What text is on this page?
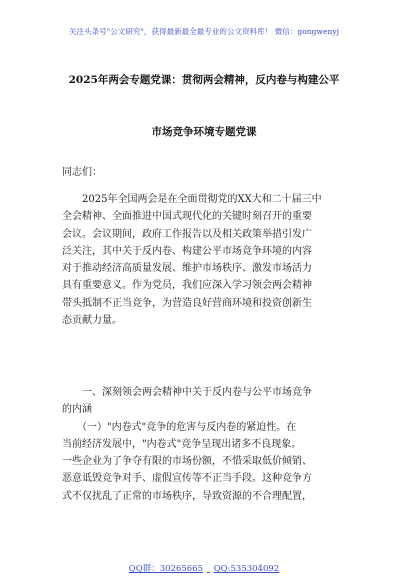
关注头条号"公文研究"，获得最新最全最专业的公文资料库！ 微信：gongwenyj
2025年两会专题党课：贯彻两会精神，反内卷与构建公平
市场竞争环境专题党课
同志们：
　　2025年全国两会是在全面贯彻党的XX大和二十届三中
全会精神、全面推进中国式现代化的关键时刻召开的重要
会议。会议期间，政府工作报告以及相关政策举措引发广
泛关注，其中关于反内卷、构建公平市场竞争环境的内容
对于推动经济高质量发展、维护市场秩序、激发市场活力
具有重要意义。作为党员，我们应深入学习领会两会精神
带头抵制不正当竞争，为营造良好营商环境和投资创新生
态贡献力量。
　　一、深刻领会两会精神中关于反内卷与公平市场竞争
的内涵
　　（一）"内卷式"竞争的危害与反内卷的紧迫性。在
当前经济发展中，"内卷式"竞争呈现出诸多不良现象。
一些企业为了争夺有限的市场份额，不惜采取低价倾销、
恶意诋毁竞争对手、虚假宣传等不正当手段。这种竞争方
式不仅扰乱了正常的市场秩序，导致资源的不合理配置，
QQ群：30265665 QQ:535304092
